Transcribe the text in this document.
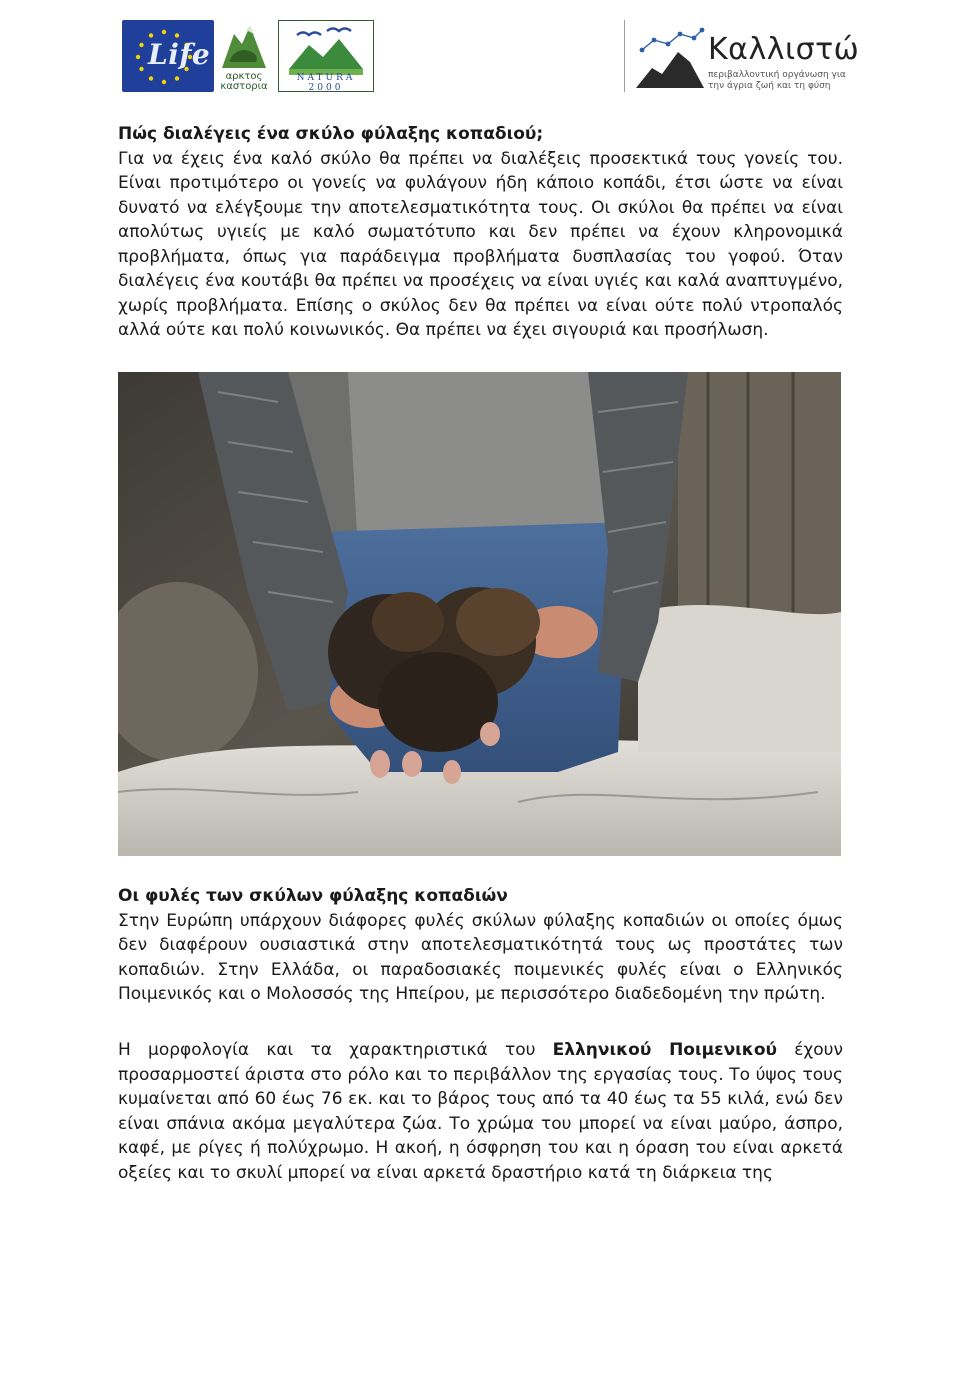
Life
αρκτος καστορια
NATURA 2000
Καλλιστώ
περιβαλλοντική οργάνωση για την άγρια ζωή και τη φύση

Πώς διαλέγεις ένα σκύλο φύλαξης κοπαδιού;

Για να έχεις ένα καλό σκύλο θα πρέπει να διαλέξεις προσεκτικά τους γονείς του. Είναι προτιμότερο οι γονείς να φυλάγουν ήδη κάποιο κοπάδι, έτσι ώστε να είναι δυνατό να ελέγξουμε την αποτελεσματικότητα τους. Οι σκύλοι θα πρέπει να είναι απολύτως υγιείς με καλό σωματότυπο και δεν πρέπει να έχουν κληρονομικά προβλήματα, όπως για παράδειγμα προβλήματα δυσπλασίας του γοφού. Όταν διαλέγεις ένα κουτάβι θα πρέπει να προσέχεις να είναι υγιές και καλά αναπτυγμένο, χωρίς προβλήματα. Επίσης ο σκύλος δεν θα πρέπει να είναι ούτε πολύ ντροπαλός αλλά ούτε και πολύ κοινωνικός. Θα πρέπει να έχει σιγουριά και προσήλωση.

Οι φυλές των σκύλων φύλαξης κοπαδιών

Στην Ευρώπη υπάρχουν διάφορες φυλές σκύλων φύλαξης κοπαδιών οι οποίες όμως δεν διαφέρουν ουσιαστικά στην αποτελεσματικότητά τους ως προστάτες των κοπαδιών. Στην Ελλάδα, οι παραδοσιακές ποιμενικές φυλές είναι ο Ελληνικός Ποιμενικός και ο Μολοσσός της Ηπείρου, με περισσότερο διαδεδομένη την πρώτη.

Η μορφολογία και τα χαρακτηριστικά του Ελληνικού Ποιμενικού έχουν προσαρμοστεί άριστα στο ρόλο και το περιβάλλον της εργασίας τους. Το ύψος τους κυμαίνεται από 60 έως 76 εκ. και το βάρος τους από τα 40 έως τα 55 κιλά, ενώ δεν είναι σπάνια ακόμα μεγαλύτερα ζώα. Το χρώμα του μπορεί να είναι μαύρο, άσπρο, καφέ, με ρίγες ή πολύχρωμο. Η ακοή, η όσφρηση του και η όραση του είναι αρκετά οξείες και το σκυλί μπορεί να είναι αρκετά δραστήριο κατά τη διάρκεια της
